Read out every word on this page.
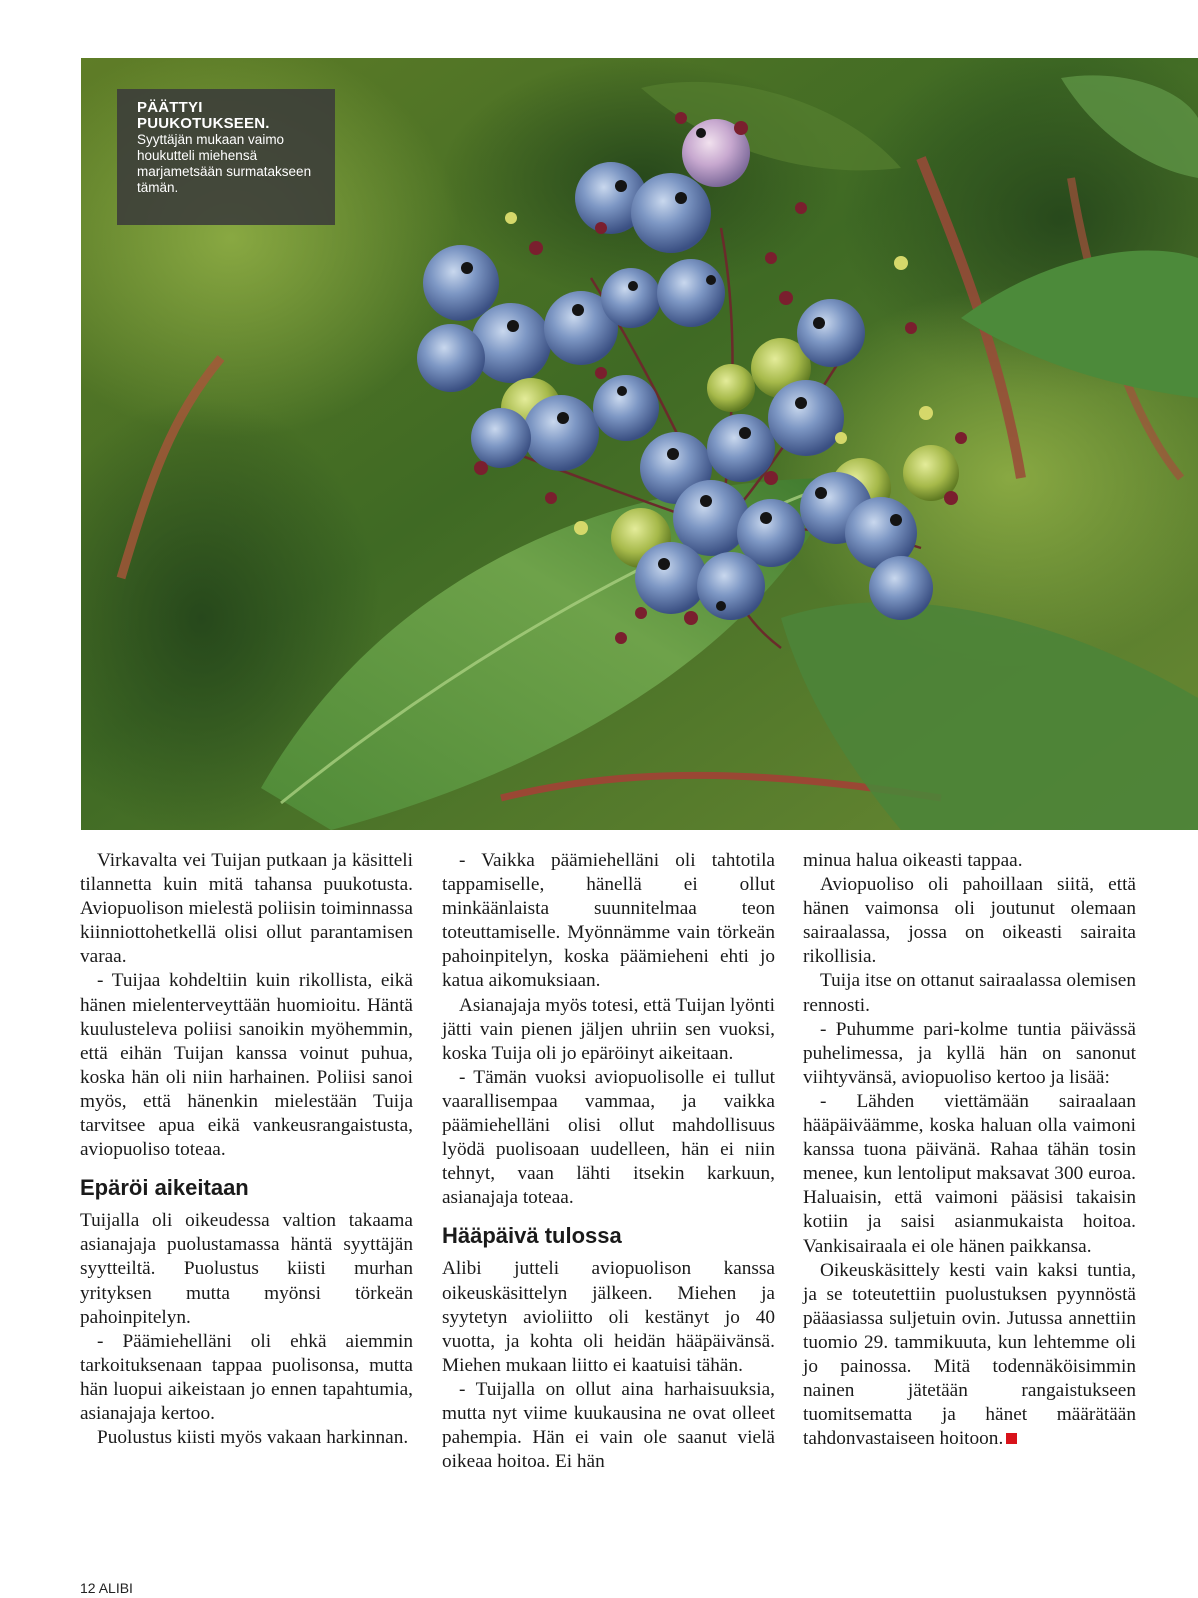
PÄÄTTYI PUUKOTUKSEEN.
Syyttäjän mukaan vaimo houkutteli miehensä marjametsään surmatakseen tämän.

Virkavalta vei Tuijan putkaan ja käsitteli tilannetta kuin mitä tahansa puukotusta. Aviopuolison mielestä poliisin toiminnassa kiinniottohetkellä olisi ollut parantamisen varaa.

- Tuijaa kohdeltiin kuin rikollista, eikä hänen mielenterveyttään huomioitu. Häntä kuulusteleva poliisi sanoikin myöhemmin, että eihän Tuijan kanssa voinut puhua, koska hän oli niin harhainen. Poliisi sanoi myös, että hänenkin mielestään Tuija tarvitsee apua eikä vankeusrangaistusta, aviopuoliso toteaa.

Epäröi aikeitaan

Tuijalla oli oikeudessa valtion takaama asianajaja puolustamassa häntä syyttäjän syytteiltä. Puolustus kiisti murhan yrityksen mutta myönsi törkeän pahoinpitelyn.

- Päämiehelläni oli ehkä aiemmin tarkoituksenaan tappaa puolisonsa, mutta hän luopui aikeistaan jo ennen tapahtumia, asianajaja kertoo.

Puolustus kiisti myös vakaan harkinnan.

- Vaikka päämiehelläni oli tahtotila tappamiselle, hänellä ei ollut minkäänlaista suunnitelmaa teon toteuttamiselle. Myönnämme vain törkeän pahoinpitelyn, koska päämieheni ehti jo katua aikomuksiaan.

Asianajaja myös totesi, että Tuijan lyönti jätti vain pienen jäljen uhriin sen vuoksi, koska Tuija oli jo epäröinyt aikeitaan.

- Tämän vuoksi aviopuolisolle ei tullut vaarallisempaa vammaa, ja vaikka päämiehelläni olisi ollut mahdollisuus lyödä puolisoaan uudelleen, hän ei niin tehnyt, vaan lähti itsekin karkuun, asianajaja toteaa.

Hääpäivä tulossa

Alibi jutteli aviopuolison kanssa oikeuskäsittelyn jälkeen. Miehen ja syytetyn avioliitto oli kestänyt jo 40 vuotta, ja kohta oli heidän hääpäivänsä. Miehen mukaan liitto ei kaatuisi tähän.

- Tuijalla on ollut aina harhaisuuksia, mutta nyt viime kuukausina ne ovat olleet pahempia. Hän ei vain ole saanut vielä oikeaa hoitoa. Ei hän

minua halua oikeasti tappaa.

Aviopuoliso oli pahoillaan siitä, että hänen vaimonsa oli joutunut olemaan sairaalassa, jossa on oikeasti sairaita rikollisia.

Tuija itse on ottanut sairaalassa olemisen rennosti.

- Puhumme pari-kolme tuntia päivässä puhelimessa, ja kyllä hän on sanonut viihtyvänsä, aviopuoliso kertoo ja lisää:

- Lähden viettämään sairaalaan hääpäiväämme, koska haluan olla vaimoni kanssa tuona päivänä. Rahaa tähän tosin menee, kun lentoliput maksavat 300 euroa. Haluaisin, että vaimoni pääsisi takaisin kotiin ja saisi asianmukaista hoitoa. Vankisairaala ei ole hänen paikkansa.

Oikeuskäsittely kesti vain kaksi tuntia, ja se toteutettiin puolustuksen pyynnöstä pääasiassa suljetuin ovin. Jutussa annettiin tuomio 29. tammikuuta, kun lehtemme oli jo painossa. Mitä todennäköisimmin nainen jätetään rangaistukseen tuomitsematta ja hänet määrätään tahdonvastaiseen hoitoon.

12 ALIBI
